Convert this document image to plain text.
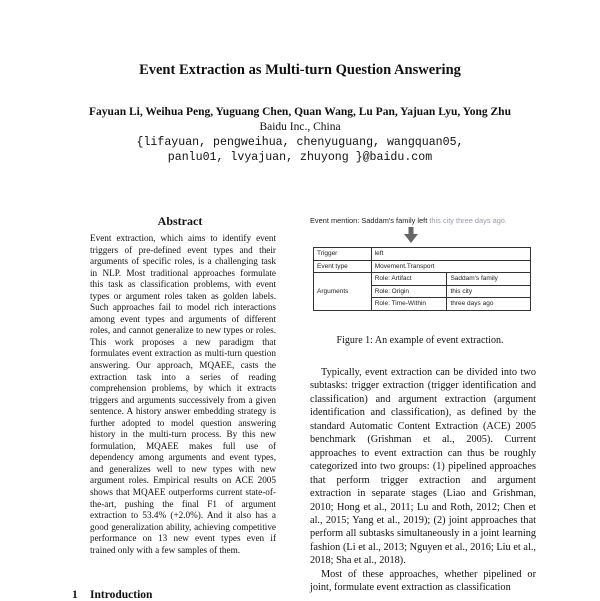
Event Extraction as Multi-turn Question Answering
Fayuan Li, Weihua Peng, Yuguang Chen, Quan Wang, Lu Pan, Yajuan Lyu, Yong Zhu
Baidu Inc., China
{lifayuan, pengweihua, chenyuguang, wangquan05,
panlu01, lvyajuan, zhuyong }@baidu.com
Abstract
Event extraction, which aims to identify event triggers of pre-defined event types and their arguments of specific roles, is a challenging task in NLP. Most traditional approaches formulate this task as classification problems, with event types or argument roles taken as golden labels. Such approaches fail to model rich interactions among event types and arguments of different roles, and cannot generalize to new types or roles. This work proposes a new paradigm that formulates event extraction as multi-turn question answering. Our approach, MQAEE, casts the extraction task into a series of reading comprehension problems, by which it extracts triggers and arguments successively from a given sentence. A history answer embedding strategy is further adopted to model question answering history in the multi-turn process. By this new formulation, MQAEE makes full use of dependency among arguments and event types, and generalizes well to new types with new argument roles. Empirical results on ACE 2005 shows that MQAEE outperforms current state-of-the-art, pushing the final F1 of argument extraction to 53.4% (+2.0%). And it also has a good generalization ability, achieving competitive performance on 13 new event types even if trained only with a few samples of them.
1 Introduction
Event mention: Saddam's family left this city three days ago.
Trigger	left	
Event type	Movement.Transport	
Arguments	Role: Artifact	Saddam's family
	Role: Origin	this city
	Role: Time-Within	three days ago
Figure 1: An example of event extraction.

Typically, event extraction can be divided into two subtasks: trigger extraction (trigger identification and classification) and argument extraction (argument identification and classification), as defined by the standard Automatic Content Extraction (ACE) 2005 benchmark (Grishman et al., 2005). Current approaches to event extraction can thus be roughly categorized into two groups: (1) pipelined approaches that perform trigger extraction and argument extraction in separate stages (Liao and Grishman, 2010; Hong et al., 2011; Lu and Roth, 2012; Chen et al., 2015; Yang et al., 2019); (2) joint approaches that perform all subtasks simultaneously in a joint learning fashion (Li et al., 2013; Nguyen et al., 2016; Liu et al., 2018; Sha et al., 2018).

Most of these approaches, whether pipelined or joint, formulate event extraction as classification
